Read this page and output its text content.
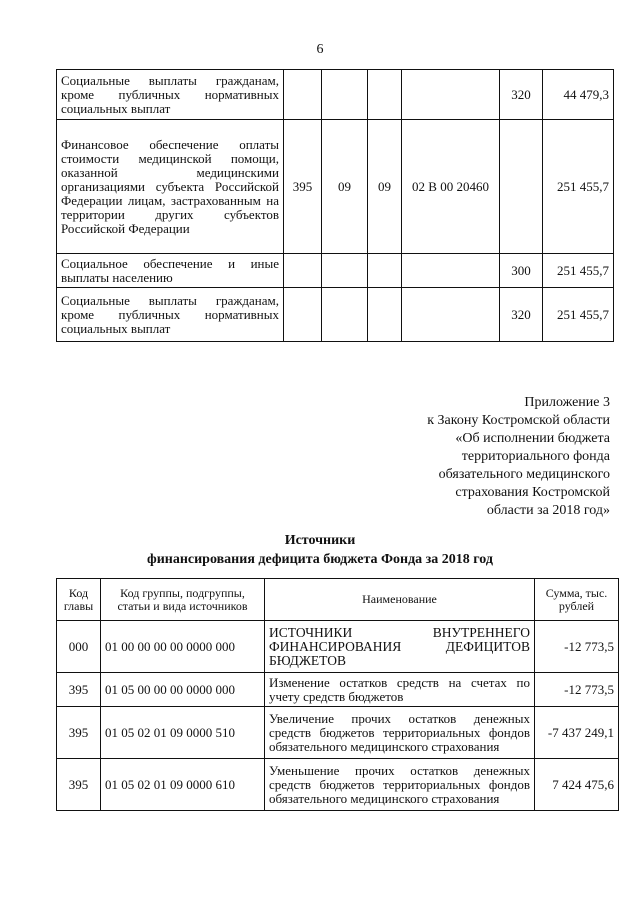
6
Социальные выплаты гражданам, кроме публичных нормативных социальных выплат					320	44 479,3
Финансовое обеспечение оплаты стоимости медицинской помощи, оказанной медицинскими организациями субъекта Российской Федерации лицам, застрахованным на территории других субъектов Российской Федерации	395	09	09	02 В 00 20460		251 455,7
Социальное обеспечение и иные выплаты населению					300	251 455,7
Социальные выплаты гражданам, кроме публичных нормативных социальных выплат					320	251 455,7
Приложение 3
к Закону Костромской области
«Об исполнении бюджета
территориального фонда
обязательного медицинского
страхования Костромской
области за 2018 год»
Источники
финансирования дефицита бюджета Фонда за 2018 год
Код главы	Код группы, подгруппы, статьи и вида источников	Наименование	Сумма, тыс. рублей
000	01 00 00 00 00 0000 000	ИСТОЧНИКИ ВНУТРЕННЕГО ФИНАНСИРОВАНИЯ ДЕФИЦИТОВ БЮДЖЕТОВ	-12 773,5
395	01 05 00 00 00 0000 000	Изменение остатков средств на счетах по учету средств бюджетов	-12 773,5
395	01 05 02 01 09 0000 510	Увеличение прочих остатков денежных средств бюджетов территориальных фондов обязательного медицинского страхования	-7 437 249,1
395	01 05 02 01 09 0000 610	Уменьшение прочих остатков денежных средств бюджетов территориальных фондов обязательного медицинского страхования	7 424 475,6
